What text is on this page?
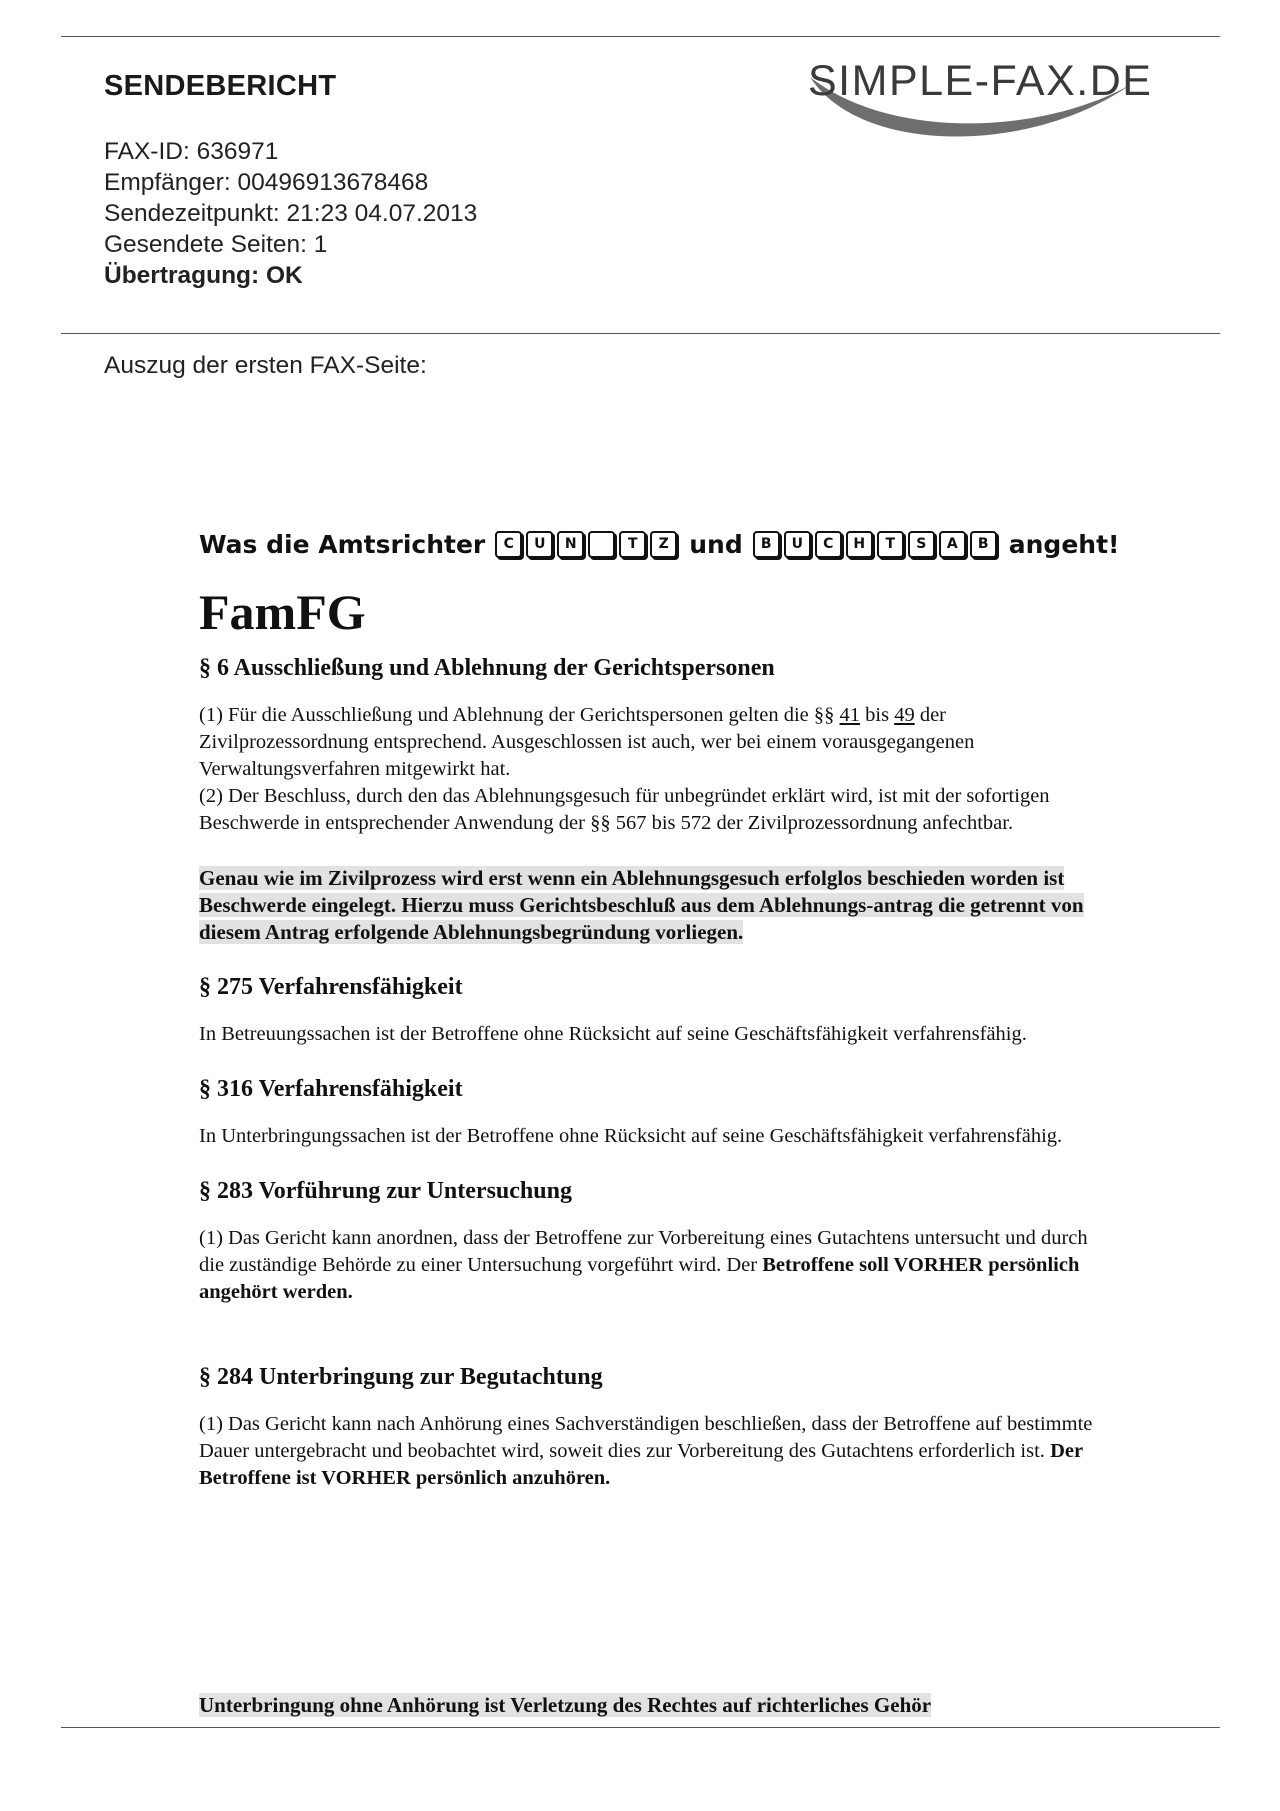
SENDEBERICHT	SIMPLE-FAX.DE
FAX-ID: 636971
Empfänger: 00496913678468
Sendezeitpunkt: 21:23 04.07.2013
Gesendete Seiten: 1
Übertragung: OK
Auszug der ersten FAX-Seite:
Was die Amtsrichter	C	U	N	T	Z und	B	U	C	H	T	S	A	B angeht!
FamFG
§ 6 Ausschließung und Ablehnung der Gerichtspersonen
(1) Für die Ausschließung und Ablehnung der Gerichtspersonen gelten die §§ 41 bis 49 der Zivilprozessordnung entsprechend. Ausgeschlossen ist auch, wer bei einem vorausgegangenen Verwaltungsverfahren mitgewirkt hat.
(2) Der Beschluss, durch den das Ablehnungsgesuch für unbegründet erklärt wird, ist mit der sofortigen Beschwerde in entsprechender Anwendung der §§ 567 bis 572 der Zivilprozessordnung anfechtbar.
Genau wie im Zivilprozess wird erst wenn ein Ablehnungsgesuch erfolglos beschieden worden ist Beschwerde eingelegt. Hierzu muss Gerichtsbeschluß aus dem Ablehnungs-antrag die getrennt von diesem Antrag erfolgende Ablehnungsbegründung vorliegen.
§ 275 Verfahrensfähigkeit
In Betreuungssachen ist der Betroffene ohne Rücksicht auf seine Geschäftsfähigkeit verfahrensfähig.
§ 316 Verfahrensfähigkeit
In Unterbringungssachen ist der Betroffene ohne Rücksicht auf seine Geschäftsfähigkeit verfahrensfähig.
§ 283 Vorführung zur Untersuchung
(1) Das Gericht kann anordnen, dass der Betroffene zur Vorbereitung eines Gutachtens untersucht und durch die zuständige Behörde zu einer Untersuchung vorgeführt wird. Der Betroffene soll VORHER persönlich angehört werden.
§ 284 Unterbringung zur Begutachtung
(1) Das Gericht kann nach Anhörung eines Sachverständigen beschließen, dass der Betroffene auf bestimmte Dauer untergebracht und beobachtet wird, soweit dies zur Vorbereitung des Gutachtens erforderlich ist. Der Betroffene ist VORHER persönlich anzuhören.
Unterbringung ohne Anhörung ist Verletzung des Rechtes auf richterliches Gehör
